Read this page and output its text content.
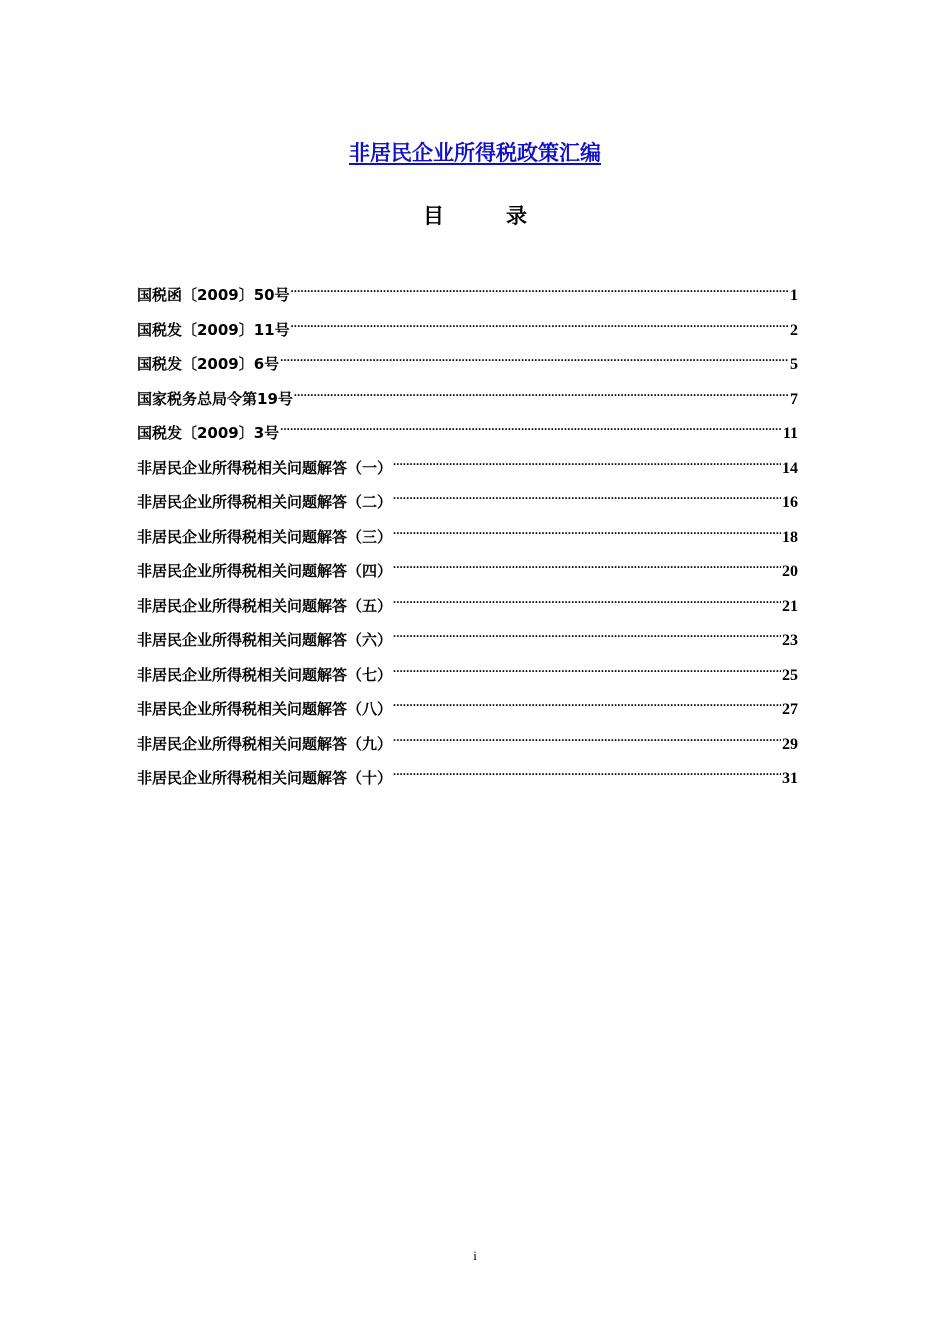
非居民企业所得税政策汇编
目录
国税函〔2009〕50号 .....	1
国税发〔2009〕11号 .....	2
国税发〔2009〕6号 .....	5
国家税务总局令第19号 .....	7
国税发〔2009〕3号 .....	11
非居民企业所得税相关问题解答（一） .....	14
非居民企业所得税相关问题解答（二） .....	16
非居民企业所得税相关问题解答（三） .....	18
非居民企业所得税相关问题解答（四） .....	20
非居民企业所得税相关问题解答（五） .....	21
非居民企业所得税相关问题解答（六） .....	23
非居民企业所得税相关问题解答（七） .....	25
非居民企业所得税相关问题解答（八） .....	27
非居民企业所得税相关问题解答（九） .....	29
非居民企业所得税相关问题解答（十） .....	31
i
